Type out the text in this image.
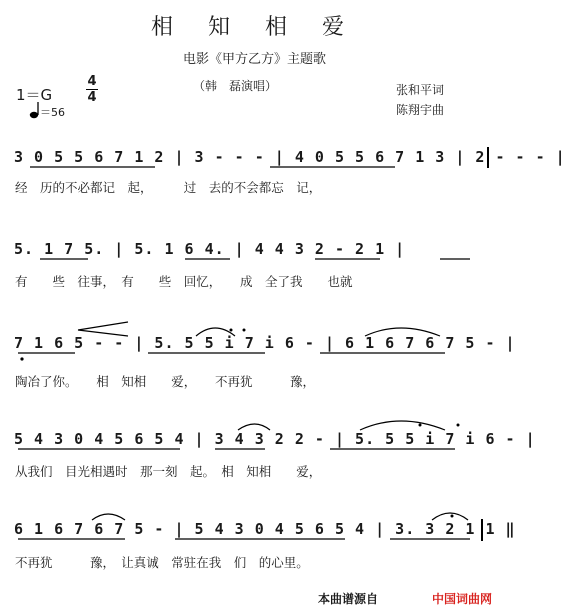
相 知 相 爱
电影《甲方乙方》主题歌
1＝G
4
4
＝56
（韩　磊演唱）	张和平词
陈翔宇曲
3 0 5 5 6 7 1 2 | 3 - - - | 4 0 5 5 6 7 1 3 | 2 - - - |
经　历的不必都记　起，　　　过　去的不会都忘　记，
5. 1 7 5. | 5. 1 6 4. | 4 4 3 2 - 2 1 |
有　　些　往事，　有　　些　回忆，　　成　全了我　　也就
7 1 6 5 - - | 5. 5 5 i 7 i 6 - | 6 1 6 7 6 7 5 - |
陶冶了你。　　相　知相　　爱，　　不再犹　　　豫，
5 4 3 0 4 5 6 5 4 | 3 4 3 2 2 - | 5. 5 5 i 7 i 6 - |
从我们　目光相遇时　那一刻　起。　相　知相　　爱，
6 1 6 7 6 7 5 - | 5 4 3 0 4 5 6 5 4 | 3. 3 2 1 1 ‖
不再犹　　　豫，　让真诚　常驻在我　们　的心里。
本曲谱源自	中国词曲网
